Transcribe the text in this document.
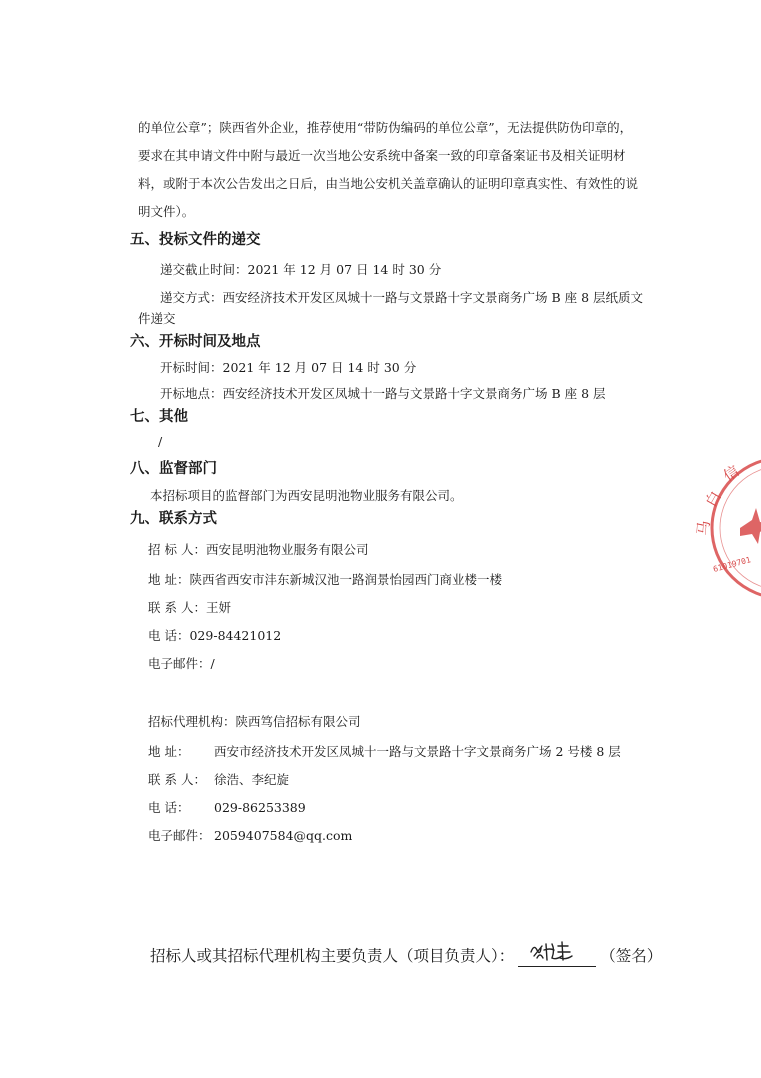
的单位公章”；陕西省外企业，推荐使用“带防伪编码的单位公章”，无法提供防伪印章的，
要求在其申请文件中附与最近一次当地公安系统中备案一致的印章备案证书及相关证明材
料，或附于本次公告发出之日后，由当地公安机关盖章确认的证明印章真实性、有效性的说
明文件）。
五、投标文件的递交
递交截止时间：2021 年 12 月 07 日 14 时 30 分
递交方式：西安经济技术开发区凤城十一路与文景路十字文景商务广场 B 座 8 层纸质文
件递交
六、开标时间及地点
开标时间：2021 年 12 月 07 日 14 时 30 分
开标地点：西安经济技术开发区凤城十一路与文景路十字文景商务广场 B 座 8 层
七、其他
/
八、监督部门
本招标项目的监督部门为西安昆明池物业服务有限公司。
九、联系方式
招 标 人：西安昆明池物业服务有限公司
地 址：陕西省西安市沣东新城汉池一路润景怡园西门商业楼一楼
联 系 人：王妍
电 话：029-84421012
电子邮件：/
招标代理机构：陕西笃信招标有限公司
地 址： 西安市经济技术开发区凤城十一路与文景路十字文景商务广场 2 号楼 8 层
联 系 人： 徐浩、李纪旋
电 话： 029-86253389
电子邮件： 2059407584@qq.com
信
白
马
61019701
招标人或其招标代理机构主要负责人（项目负责人）：	（签名）
